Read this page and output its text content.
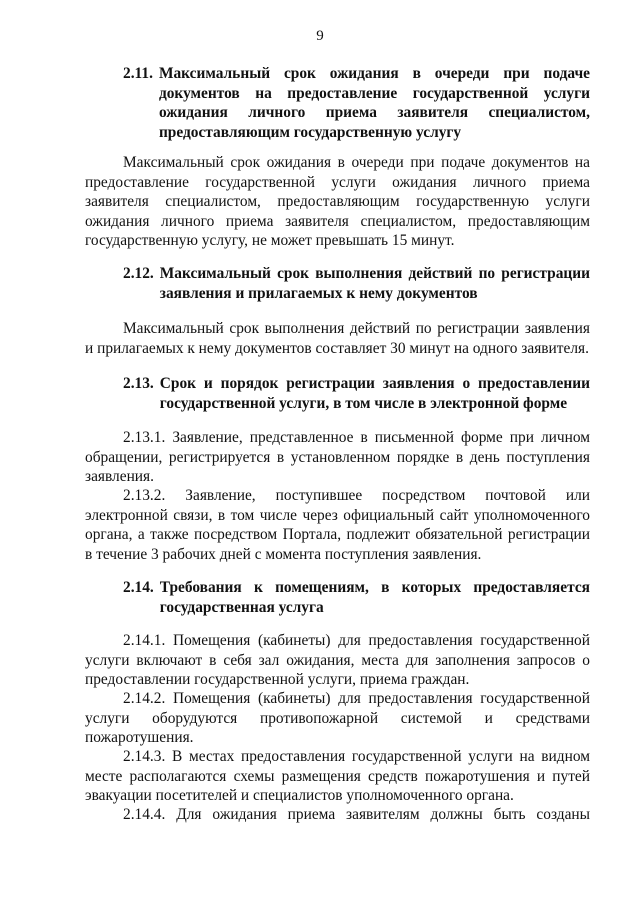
9
2.11. Максимальный срок ожидания в очереди при подаче документов на предоставление государственной услуги ожидания личного приема заявителя специалистом, предоставляющим государственную услугу
Максимальный срок ожидания в очереди при подаче документов на предоставление государственной услуги ожидания личного приема заявителя специалистом, предоставляющим государственную услуги ожидания личного приема заявителя специалистом, предоставляющим государственную услугу, не может превышать 15 минут.
2.12. Максимальный срок выполнения действий по регистрации заявления и прилагаемых к нему документов
Максимальный срок выполнения действий по регистрации заявления и прилагаемых к нему документов составляет 30 минут на одного заявителя.
2.13. Срок и порядок регистрации заявления о предоставлении государственной услуги, в том числе в электронной форме
2.13.1. Заявление, представленное в письменной форме при личном обращении, регистрируется в установленном порядке в день поступления заявления.
2.13.2. Заявление, поступившее посредством почтовой или электронной связи, в том числе через официальный сайт уполномоченного органа, а также посредством Портала, подлежит обязательной регистрации в течение 3 рабочих дней с момента поступления заявления.
2.14. Требования к помещениям, в которых предоставляется государственная услуга
2.14.1. Помещения (кабинеты) для предоставления государственной услуги включают в себя зал ожидания, места для заполнения запросов о предоставлении государственной услуги, приема граждан.
2.14.2. Помещения (кабинеты) для предоставления государственной услуги оборудуются противопожарной системой и средствами пожаротушения.
2.14.3. В местах предоставления государственной услуги на видном месте располагаются схемы размещения средств пожаротушения и путей эвакуации посетителей и специалистов уполномоченного органа.
2.14.4. Для ожидания приема заявителям должны быть созданы
